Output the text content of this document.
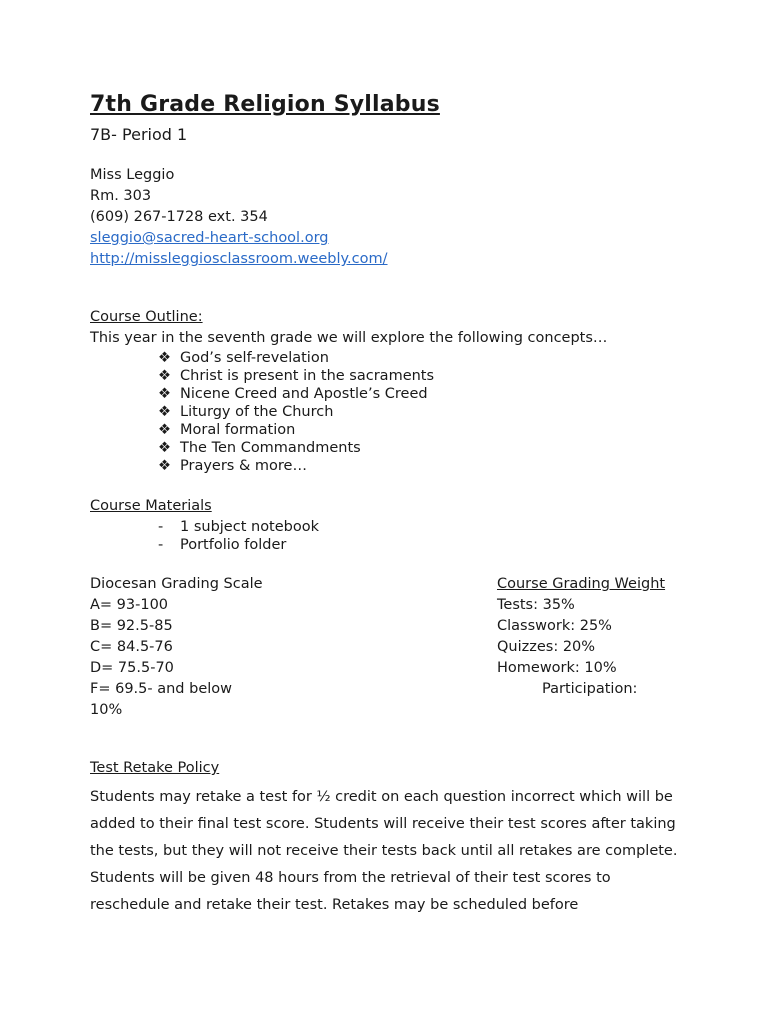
7th Grade Religion Syllabus
7B- Period 1
Miss Leggio
Rm. 303
(609) 267-1728 ext. 354
sleggio@sacred-heart-school.org
http://missleggiosclassroom.weebly.com/
Course Outline:
This year in the seventh grade we will explore the following concepts…
❖ God’s self-revelation
❖ Christ is present in the sacraments
❖ Nicene Creed and Apostle’s Creed
❖ Liturgy of the Church
❖ Moral formation
❖ The Ten Commandments
❖ Prayers & more…
Course Materials
- 1 subject notebook
- Portfolio folder
Diocesan Grading Scale	Course Grading Weight
A= 93-100
B= 92.5-85
C= 84.5-76
D= 75.5-70
F= 69.5- and below
Tests: 35%
Classwork: 25%
Quizzes: 20%
Homework: 10%
Participation:
10%
Test Retake Policy
Students may retake a test for ½ credit on each question incorrect which will be added to their final test score. Students will receive their test scores after taking the tests, but they will not receive their tests back until all retakes are complete. Students will be given 48 hours from the retrieval of their test scores to reschedule and retake their test. Retakes may be scheduled before
